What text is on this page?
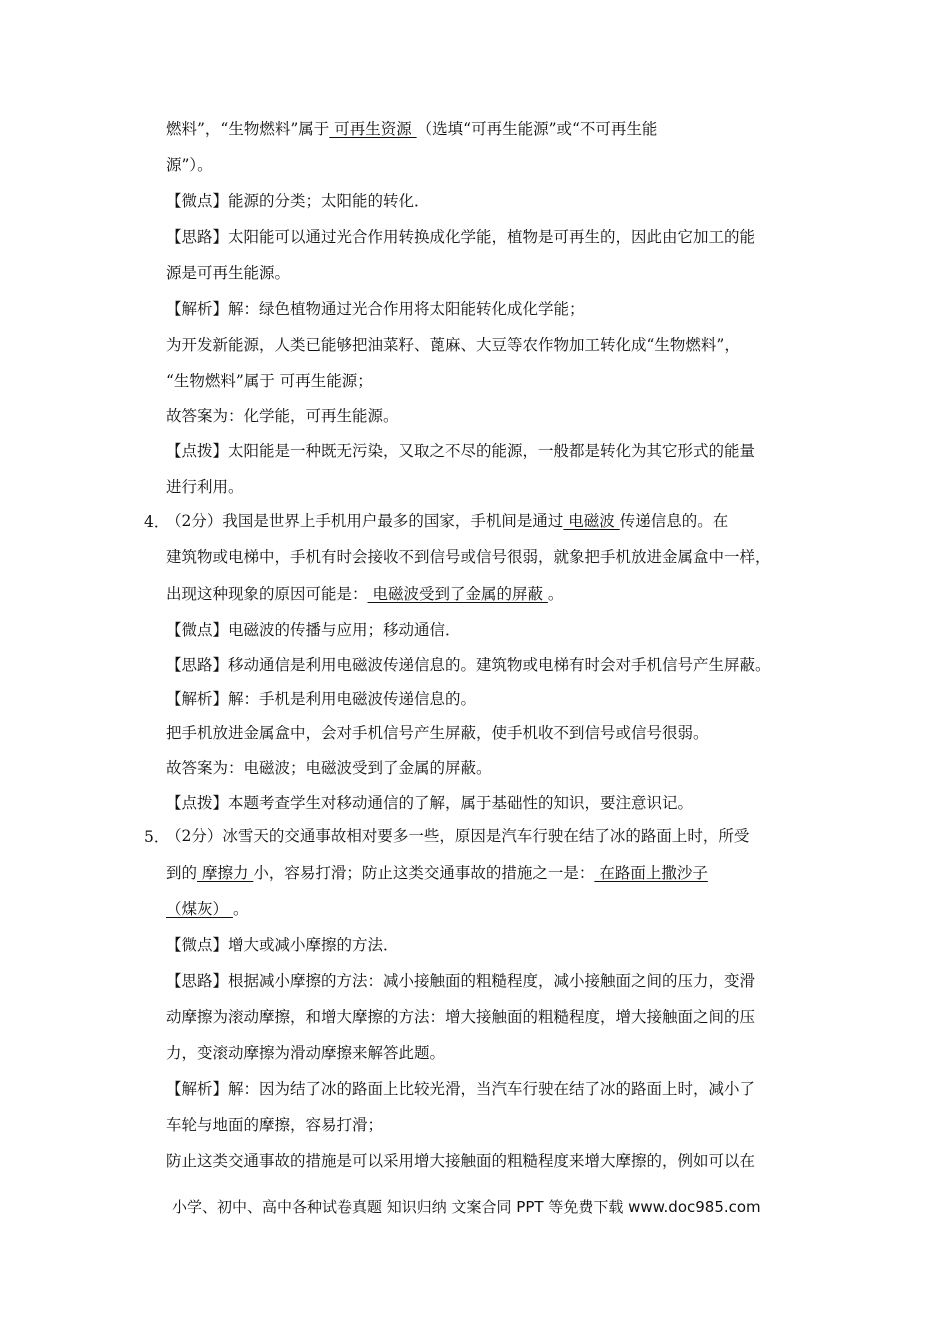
燃料”，“生物燃料”属于 可再生资源 （选填“可再生能源”或“不可再生能
源”）。
【微点】能源的分类；太阳能的转化．
【思路】太阳能可以通过光合作用转换成化学能，植物是可再生的，因此由它加工的能
源是可再生能源。
【解析】解：绿色植物通过光合作用将太阳能转化成化学能；
为开发新能源，人类已能够把油菜籽、蓖麻、大豆等农作物加工转化成“生物燃料”，
“生物燃料”属于 可再生能源；
故答案为：化学能，可再生能源。
【点拨】太阳能是一种既无污染，又取之不尽的能源，一般都是转化为其它形式的能量
进行利用。
4．
（2分）我国是世界上手机用户最多的国家，手机间是通过 电磁波 传递信息的。在
建筑物或电梯中，手机有时会接收不到信号或信号很弱，就象把手机放进金属盒中一样，
出现这种现象的原因可能是： 电磁波受到了金属的屏蔽 。
【微点】电磁波的传播与应用；移动通信．
【思路】移动通信是利用电磁波传递信息的。建筑物或电梯有时会对手机信号产生屏蔽。
【解析】解：手机是利用电磁波传递信息的。
把手机放进金属盒中，会对手机信号产生屏蔽，使手机收不到信号或信号很弱。
故答案为：电磁波；电磁波受到了金属的屏蔽。
【点拨】本题考查学生对移动通信的了解，属于基础性的知识，要注意识记。
5．
（2分）冰雪天的交通事故相对要多一些，原因是汽车行驶在结了冰的路面上时，所受
到的 摩擦力 小，容易打滑；防止这类交通事故的措施之一是： 在路面上撒沙子
（煤灰） 。
【微点】增大或减小摩擦的方法．
【思路】根据减小摩擦的方法：减小接触面的粗糙程度，减小接触面之间的压力，变滑
动摩擦为滚动摩擦，和增大摩擦的方法：增大接触面的粗糙程度，增大接触面之间的压
力，变滚动摩擦为滑动摩擦来解答此题。
【解析】解：因为结了冰的路面上比较光滑，当汽车行驶在结了冰的路面上时，减小了
车轮与地面的摩擦，容易打滑；
防止这类交通事故的措施是可以采用增大接触面的粗糙程度来增大摩擦的，例如可以在
小学、初中、高中各种试卷真题 知识归纳 文案合同 PPT 等免费下载 www.doc985.com
